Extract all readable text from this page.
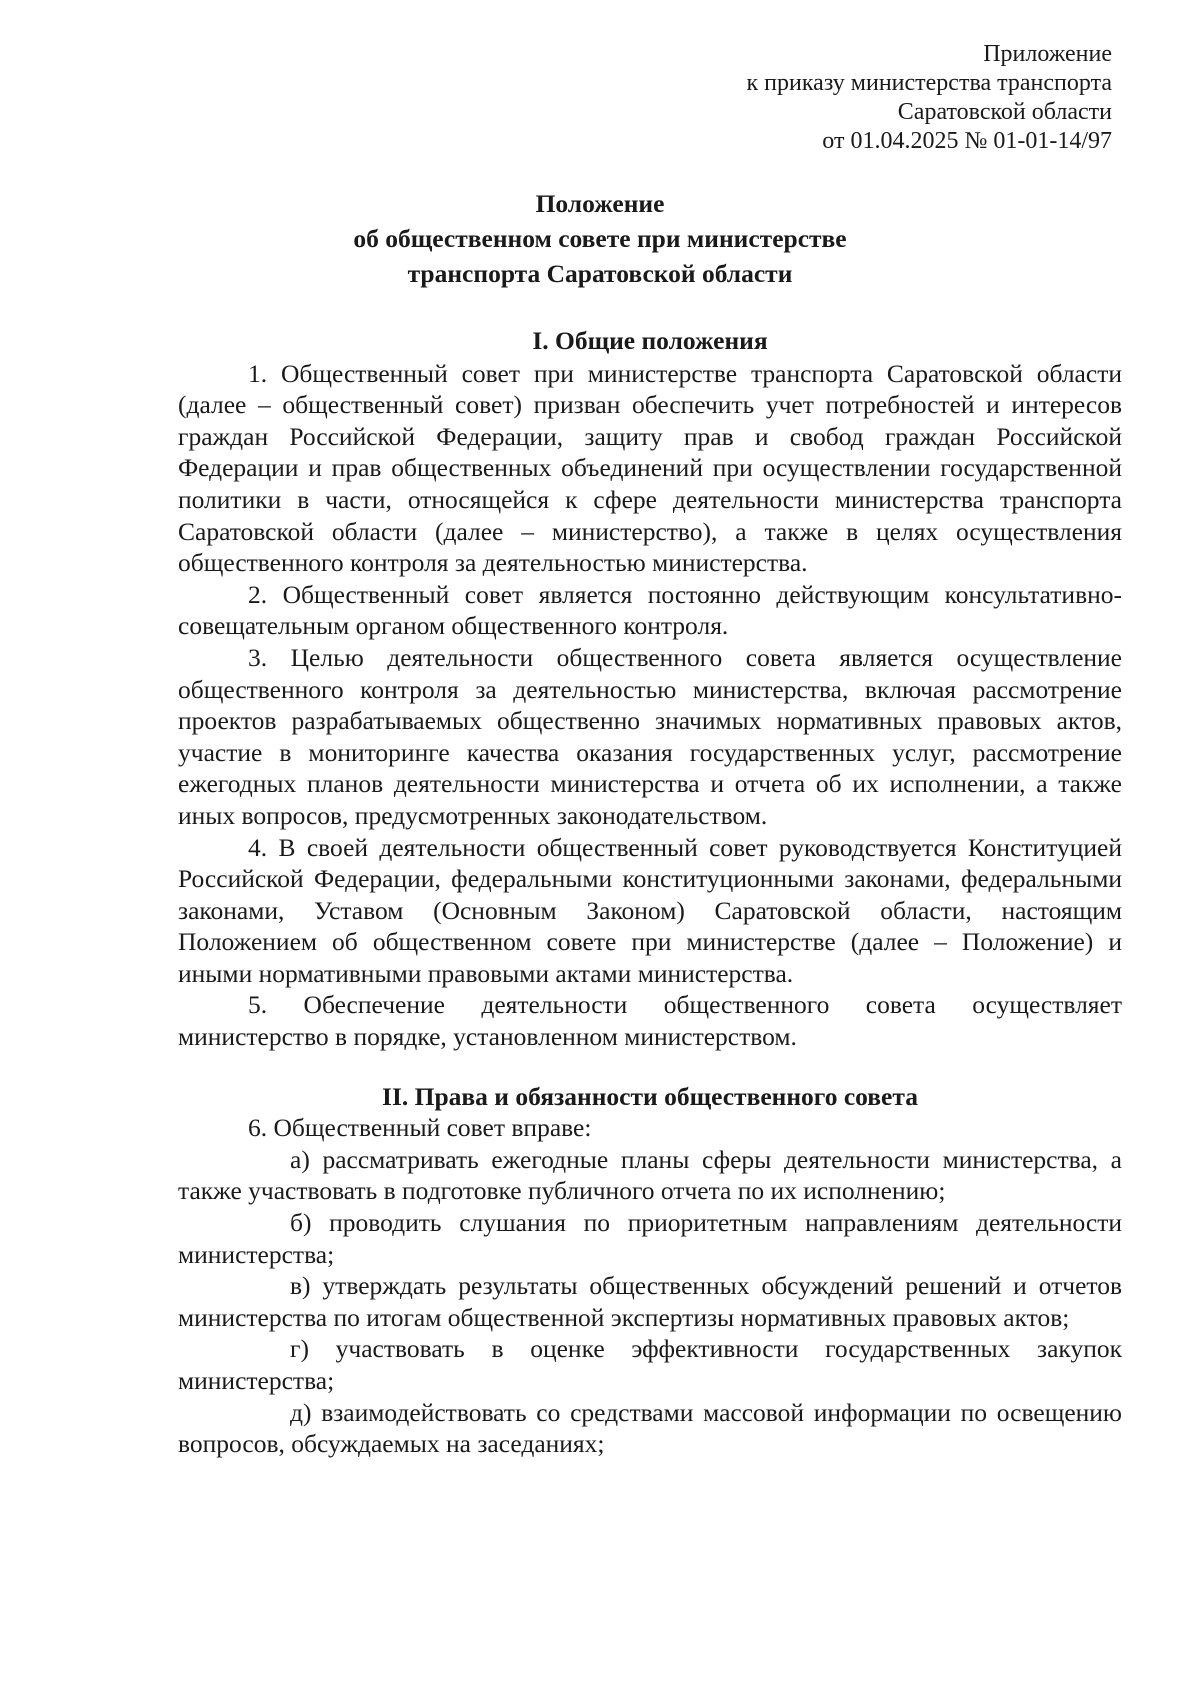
Приложение
к приказу министерства транспорта
Саратовской области
от 01.04.2025 № 01-01-14/97
Положение
об общественном совете при министерстве
транспорта Саратовской области

I. Общие положения

1. Общественный совет при министерстве транспорта Саратовской области (далее – общественный совет) призван обеспечить учет потребностей и интересов граждан Российской Федерации, защиту прав и свобод граждан Российской Федерации и прав общественных объединений при осуществлении государственной политики в части, относящейся к сфере деятельности министерства транспорта Саратовской области (далее – министерство), а также в целях осуществления общественного контроля за деятельностью министерства.

2. Общественный совет является постоянно действующим консультативно-совещательным органом общественного контроля.

3. Целью деятельности общественного совета является осуществление общественного контроля за деятельностью министерства, включая рассмотрение проектов разрабатываемых общественно значимых нормативных правовых актов, участие в мониторинге качества оказания государственных услуг, рассмотрение ежегодных планов деятельности министерства и отчета об их исполнении, а также иных вопросов, предусмотренных законодательством.

4. В своей деятельности общественный совет руководствуется Конституцией Российской Федерации, федеральными конституционными законами, федеральными законами, Уставом (Основным Законом) Саратовской области, настоящим Положением об общественном совете при министерстве (далее – Положение) и иными нормативными правовыми актами министерства.

5. Обеспечение деятельности общественного совета осуществляет министерство в порядке, установленном министерством.

II. Права и обязанности общественного совета

6. Общественный совет вправе:

а) рассматривать ежегодные планы сферы деятельности министерства, а также участвовать в подготовке публичного отчета по их исполнению;

б) проводить слушания по приоритетным направлениям деятельности министерства;

в) утверждать результаты общественных обсуждений решений и отчетов министерства по итогам общественной экспертизы нормативных правовых актов;

г) участвовать в оценке эффективности государственных закупок министерства;

д) взаимодействовать со средствами массовой информации по освещению вопросов, обсуждаемых на заседаниях;
